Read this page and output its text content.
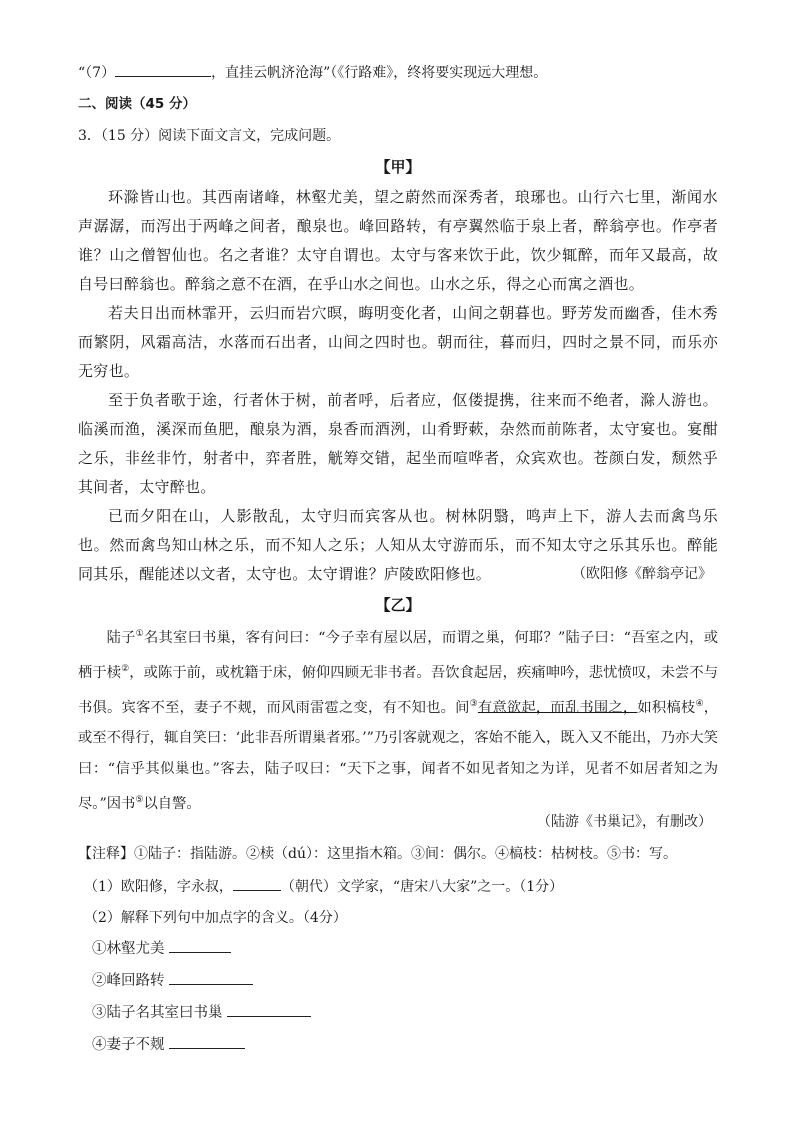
“（7）	，直挂云帆济沧海”（《行路难》，终将要实现远大理想。
二、阅读（45 分）
3．（15 分）阅读下面文言文，完成问题。
【甲】

环滁皆山也。其西南诸峰，林壑尤美，望之蔚然而深秀者，琅琊也。山行六七里，渐闻水声潺潺，而泻出于两峰之间者，酿泉也。峰回路转，有亭翼然临于泉上者，醉翁亭也。作亭者谁？山之僧智仙也。名之者谁？太守自谓也。太守与客来饮于此，饮少辄醉，而年又最高，故自号曰醉翁也。醉翁之意不在酒，在乎山水之间也。山水之乐，得之心而寓之酒也。

若夫日出而林霏开，云归而岩穴暝，晦明变化者，山间之朝暮也。野芳发而幽香，佳木秀而繁阴，风霜高洁，水落而石出者，山间之四时也。朝而往，暮而归，四时之景不同，而乐亦无穷也。

至于负者歌于途，行者休于树，前者呼，后者应，伛偻提携，往来而不绝者，滁人游也。临溪而渔，溪深而鱼肥，酿泉为酒，泉香而酒洌，山肴野蔌，杂然而前陈者，太守宴也。宴酣之乐，非丝非竹，射者中，弈者胜，觥筹交错，起坐而喧哗者，众宾欢也。苍颜白发，颓然乎其间者，太守醉也。

已而夕阳在山，人影散乱，太守归而宾客从也。树林阴翳，鸣声上下，游人去而禽鸟乐也。然而禽鸟知山林之乐，而不知人之乐；人知从太守游而乐，而不知太守之乐其乐也。醉能同其乐，醒能述以文者，太守也。太守谓谁？庐陵欧阳修也。	（欧阳修《醉翁亭记》
【乙】

陆子①名其室曰书巢，客有问曰：“今子幸有屋以居，而谓之巢，何耶？”陆子曰：“吾室之内，或栖于椟②，或陈于前，或枕籍于床，俯仰四顾无非书者。吾饮食起居，疾痛呻吟，悲忧愤叹，未尝不与书俱。宾客不至，妻子不觌，而风雨雷雹之变，有不知也。间③有意欲起，而乱书围之，如积槁枝④，或至不得行，辄自笑曰：‘此非吾所谓巢者邪。’”乃引客就观之，客始不能入，既入又不能出，乃亦大笑曰：“信乎其似巢也。”客去，陆子叹曰：“天下之事，闻者不如见者知之为详，见者不如居者知之为尽。”因书⑤以自警。

（陆游《书巢记》，有删改）
【注释】①陆子：指陆游。②椟（dú）：这里指木箱。③间：偶尔。④槁枝：枯树枝。⑤书：写。
（1）欧阳修，字永叔，	（朝代）文学家，“唐宋八大家”之一。（1分）
（2）解释下列句中加点字的含义。（4分）
①林壑尤美
②峰回路转
③陆子名其室曰书巢
④妻子不觌
